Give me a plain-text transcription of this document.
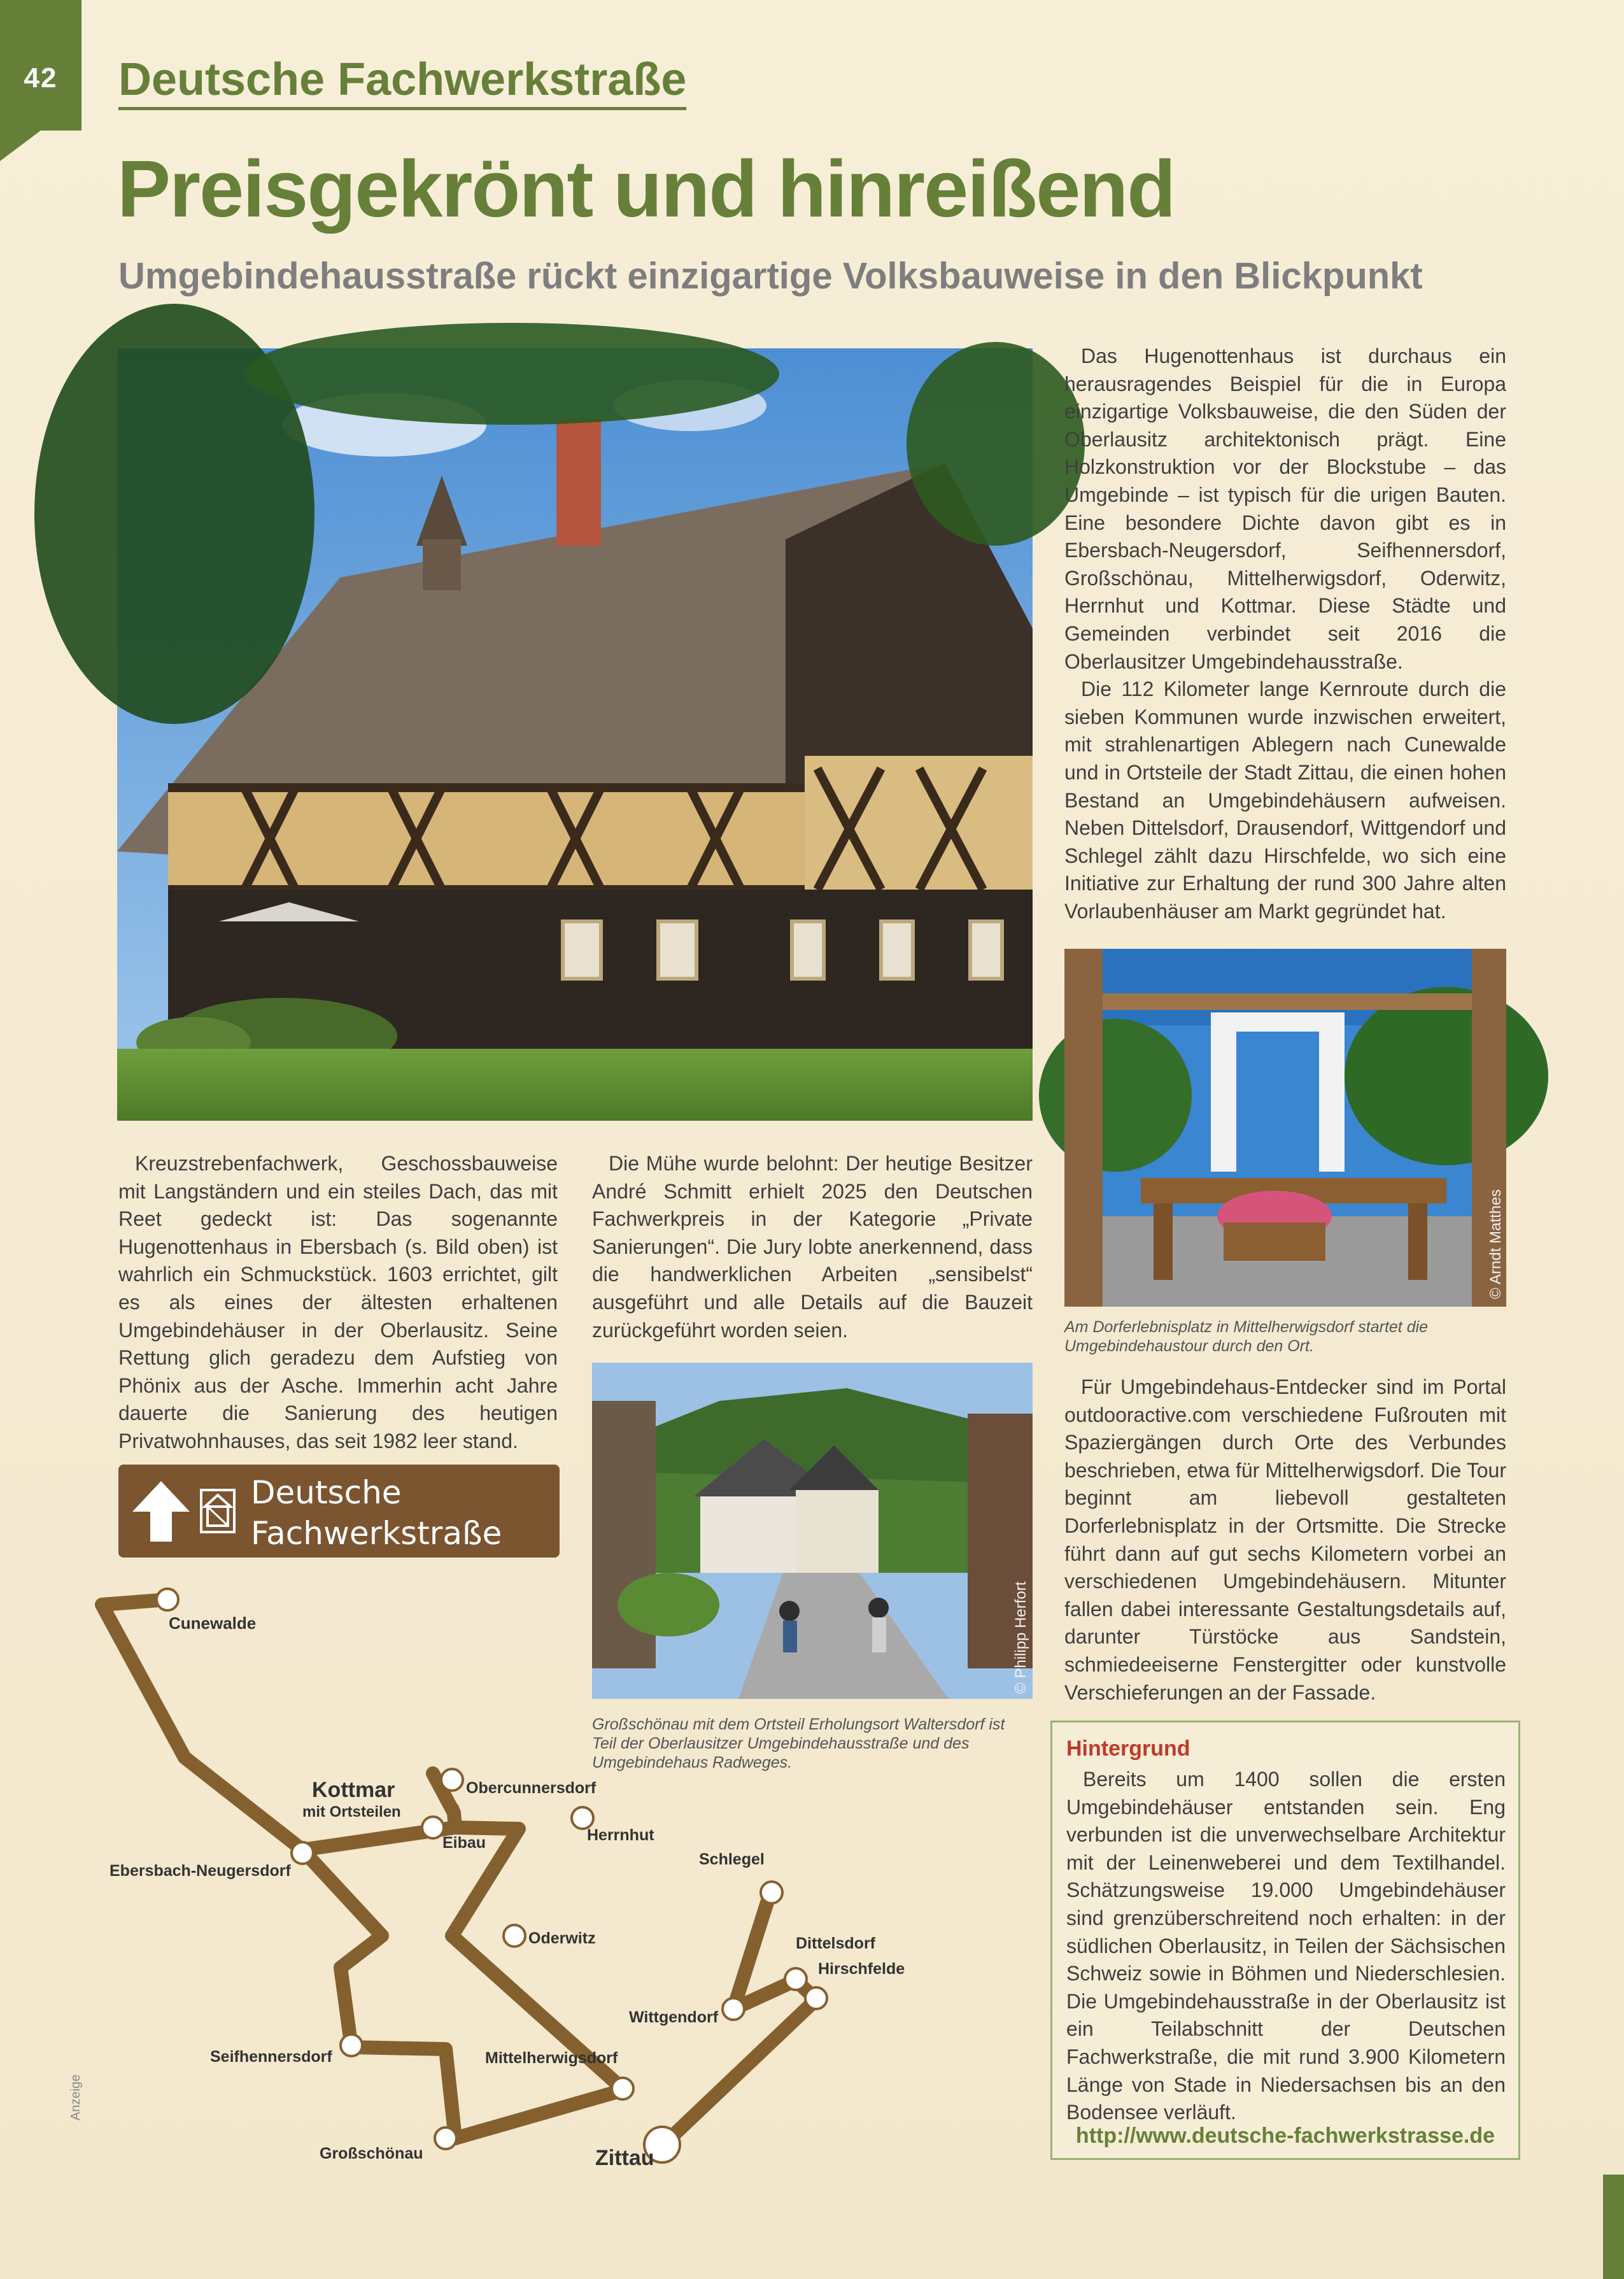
42	Deutsche Fachwerkstraße
Preisgekrönt und hinreißend
Umgebindehausstraße rückt einzigartige Volksbauweise in den Blickpunkt

Das Hugenottenhaus ist durchaus ein herausragendes Beispiel für die in Europa einzigartige Volksbauweise, die den Süden der Oberlausitz architektonisch prägt. Eine Holzkonstruktion vor der Blockstube – das Umgebinde – ist typisch für die urigen Bauten. Eine besondere Dichte davon gibt es in Ebersbach-Neugersdorf, Seifhennersdorf, Großschönau, Mittelherwigsdorf, Oderwitz, Herrnhut und Kottmar. Diese Städte und Gemeinden verbindet seit 2016 die Oberlausitzer Umgebindehausstraße.

Die 112 Kilometer lange Kernroute durch die sieben Kommunen wurde inzwischen erweitert, mit strahlenartigen Ablegern nach Cunewalde und in Ortsteile der Stadt Zittau, die einen hohen Bestand an Umgebindehäusern aufweisen. Neben Dittelsdorf, Drausendorf, Wittgendorf und Schlegel zählt dazu Hirschfelde, wo sich eine Initiative zur Erhaltung der rund 300 Jahre alten Vorlaubenhäuser am Markt gegründet hat.

© Arndt Matthes
Am Dorferlebnisplatz in Mittelherwigsdorf startet die Umgebindehaustour durch den Ort.

Für Umgebindehaus-Entdecker sind im Portal outdooractive.com verschiedene Fußrouten mit Spaziergängen durch Orte des Verbundes beschrieben, etwa für Mittelherwigsdorf. Die Tour beginnt am liebevoll gestalteten Dorferlebnisplatz in der Ortsmitte. Die Strecke führt dann auf gut sechs Kilometern vorbei an verschiedenen Umgebindehäusern. Mitunter fallen dabei interessante Gestaltungsdetails auf, darunter Türstöcke aus Sandstein, schmiedeeiserne Fenstergitter oder kunstvolle Verschieferungen an der Fassade.

Kreuzstrebenfachwerk, Geschossbauweise mit Langständern und ein steiles Dach, das mit Reet gedeckt ist: Das sogenannte Hugenottenhaus in Ebersbach (s. Bild oben) ist wahrlich ein Schmuckstück. 1603 errichtet, gilt es als eines der ältesten erhaltenen Umgebindehäuser in der Oberlausitz. Seine Rettung glich geradezu dem Aufstieg von Phönix aus der Asche. Immerhin acht Jahre dauerte die Sanierung des heutigen Privatwohnhauses, das seit 1982 leer stand.

Die Mühe wurde belohnt: Der heutige Besitzer André Schmitt erhielt 2025 den Deutschen Fachwerkpreis in der Kategorie „Private Sanierungen“. Die Jury lobte anerkennend, dass die handwerklichen Arbeiten „sensibelst“ ausgeführt und alle Details auf die Bauzeit zurückgeführt worden seien.

© Philipp Herfort
Großschönau mit dem Ortsteil Erholungsort Waltersdorf ist Teil der Oberlausitzer Umgebindehausstraße und des Umgebindehaus Radweges.
Deutsche
Fachwerkstraße
Cunewalde
Kottmar
mit Ortsteilen
Obercunnersdorf
Eibau	Herrnhut
Ebersbach-Neugersdorf
Schlegel
Oderwitz	Dittelsdorf
Hirschfelde
Wittgendorf
Seifhennersdorf	Mittelherwigsdorf
Großschönau	Zittau
Hintergrund

Bereits um 1400 sollen die ersten Umgebindehäuser entstanden sein. Eng verbunden ist die unverwechselbare Architektur mit der Leinenweberei und dem Textilhandel. Schätzungsweise 19.000 Umgebindehäuser sind grenzüberschreitend noch erhalten: in der südlichen Oberlausitz, in Teilen der Sächsischen Schweiz sowie in Böhmen und Niederschlesien. Die Umgebindehausstraße in der Oberlausitz ist ein Teilabschnitt der Deutschen Fachwerkstraße, die mit rund 3.900 Kilometern Länge von Stade in Niedersachsen bis an den Bodensee verläuft.

http://www.deutsche-fachwerkstrasse.de
Anzeige
